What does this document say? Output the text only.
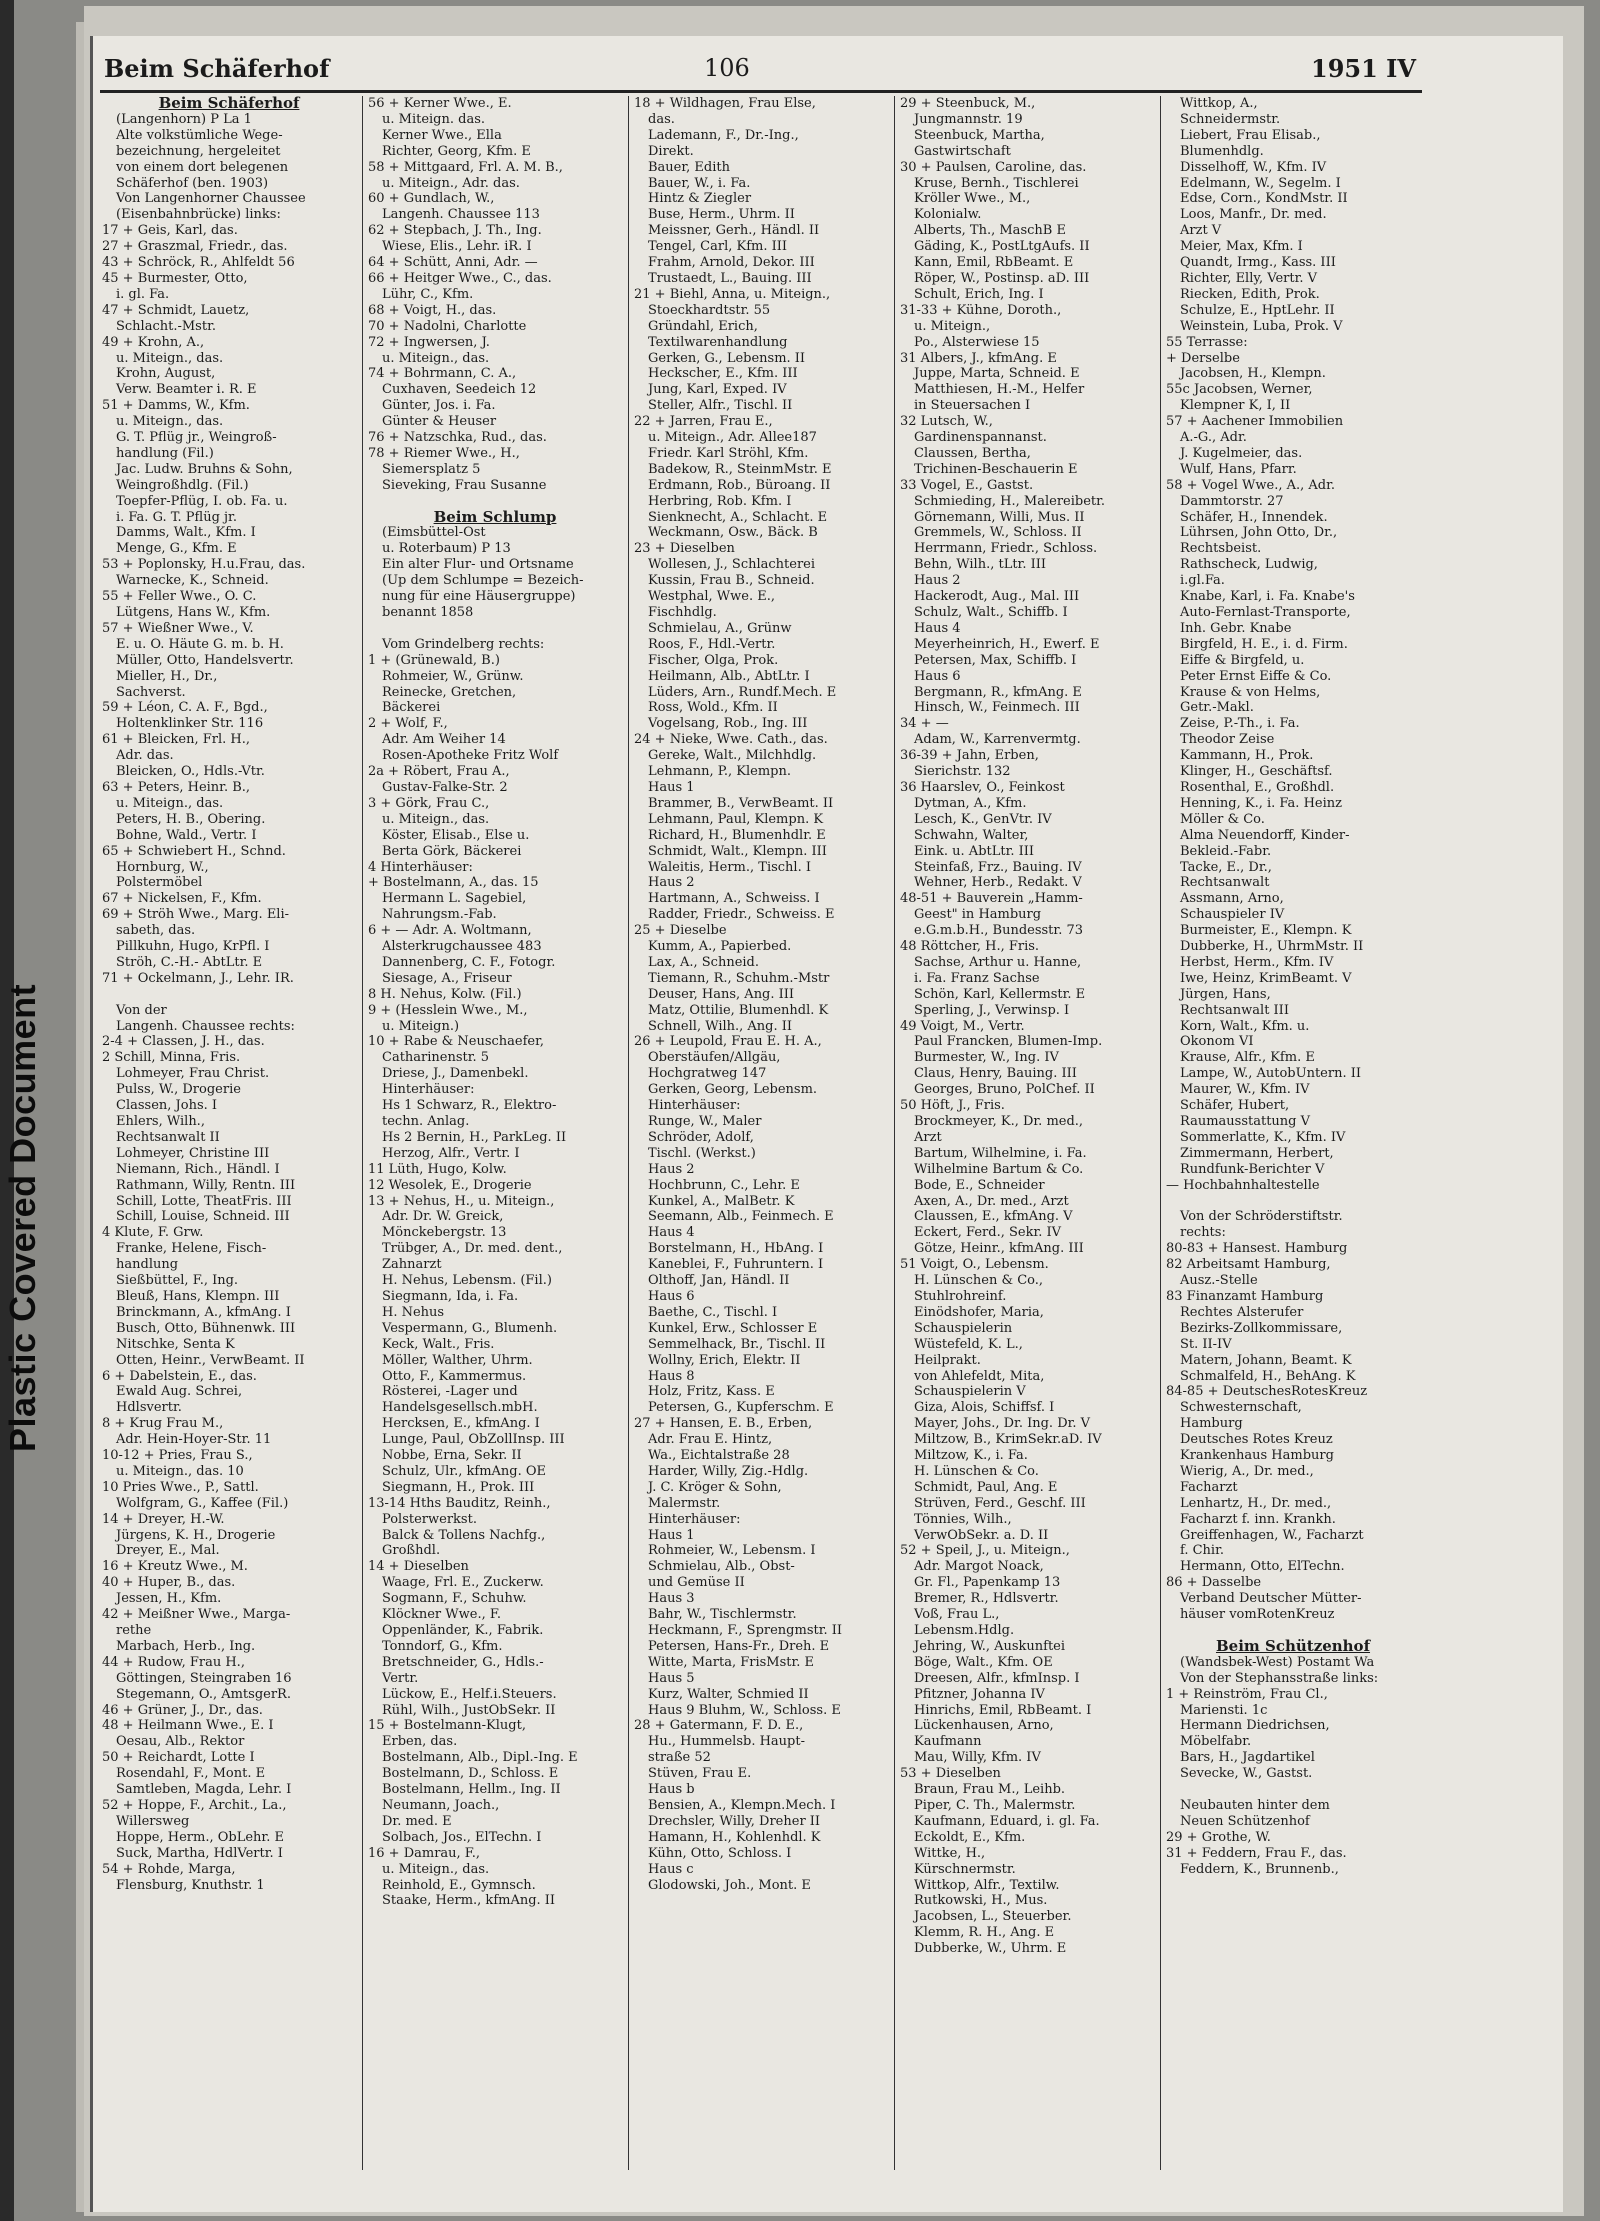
Plastic Covered Document
Beim Schäferhof	106	1951 IV
Beim Schäferhof
(Langenhorn) P La 1
Alte volkstümliche Wege-
bezeichnung, hergeleitet
von einem dort belegenen
Schäferhof (ben. 1903)
Von Langenhorner Chaussee
(Eisenbahnbrücke) links:
17 + Geis, Karl, das.
27 + Graszmal, Friedr., das.
43 + Schröck, R., Ahlfeldt 56
45 + Burmester, Otto,
i. gl. Fa.
47 + Schmidt, Lauetz,
Schlacht.-Mstr.
49 + Krohn, A.,
u. Miteign., das.
Krohn, August,
Verw. Beamter i. R. E
51 + Damms, W., Kfm.
u. Miteign., das.
G. T. Pflüg jr., Weingroß-
handlung (Fil.)
Jac. Ludw. Bruhns & Sohn,
Weingroßhdlg. (Fil.)
Toepfer-Pflüg, I. ob. Fa. u.
i. Fa. G. T. Pflüg jr.
Damms, Walt., Kfm. I
Menge, G., Kfm. E
53 + Poplonsky, H.u.Frau, das.
Warnecke, K., Schneid.
55 + Feller Wwe., O. C.
Lütgens, Hans W., Kfm.
57 + Wießner Wwe., V.
E. u. O. Häute G. m. b. H.
Müller, Otto, Handelsvertr.
Mieller, H., Dr.,
Sachverst.
59 + Léon, C. A. F., Bgd.,
Holtenklinker Str. 116
61 + Bleicken, Frl. H.,
Adr. das.
Bleicken, O., Hdls.-Vtr.
63 + Peters, Heinr. B.,
u. Miteign., das.
Peters, H. B., Obering.
Bohne, Wald., Vertr. I
65 + Schwiebert H., Schnd.
Hornburg, W.,
Polstermöbel
67 + Nickelsen, F., Kfm.
69 + Ströh Wwe., Marg. Eli-
sabeth, das.
Pillkuhn, Hugo, KrPfl. I
Ströh, C.-H.- AbtLtr. E
71 + Ockelmann, J., Lehr. IR.

Von der
Langenh. Chaussee rechts:
2-4 + Classen, J. H., das.
2 Schill, Minna, Fris.
Lohmeyer, Frau Christ.
Pulss, W., Drogerie
Classen, Johs. I
Ehlers, Wilh.,
Rechtsanwalt II
Lohmeyer, Christine III
Niemann, Rich., Händl. I
Rathmann, Willy, Rentn. III
Schill, Lotte, TheatFris. III
Schill, Louise, Schneid. III
4 Klute, F. Grw.
Franke, Helene, Fisch-
handlung
Sießbüttel, F., Ing.
Bleuß, Hans, Klempn. III
Brinckmann, A., kfmAng. I
Busch, Otto, Bühnenwk. III
Nitschke, Senta K
Otten, Heinr., VerwBeamt. II
6 + Dabelstein, E., das.
Ewald Aug. Schrei,
Hdlsvertr.
8 + Krug Frau M.,
Adr. Hein-Hoyer-Str. 11
10-12 + Pries, Frau S.,
u. Miteign., das. 10
10 Pries Wwe., P., Sattl.
Wolfgram, G., Kaffee (Fil.)
14 + Dreyer, H.-W.
Jürgens, K. H., Drogerie
Dreyer, E., Mal.
16 + Kreutz Wwe., M.
40 + Huper, B., das.
Jessen, H., Kfm.
42 + Meißner Wwe., Marga-
rethe
Marbach, Herb., Ing.
44 + Rudow, Frau H.,
Göttingen, Steingraben 16
Stegemann, O., AmtsgerR.
46 + Grüner, J., Dr., das.
48 + Heilmann Wwe., E. I
Oesau, Alb., Rektor
50 + Reichardt, Lotte I
Rosendahl, F., Mont. E
Samtleben, Magda, Lehr. I
52 + Hoppe, F., Archit., La.,
Willersweg
Hoppe, Herm., ObLehr. E
Suck, Martha, HdlVertr. I
54 + Rohde, Marga,
Flensburg, Knuthstr. 1
56 + Kerner Wwe., E.
u. Miteign. das.
Kerner Wwe., Ella
Richter, Georg, Kfm. E
58 + Mittgaard, Frl. A. M. B.,
u. Miteign., Adr. das.
60 + Gundlach, W.,
Langenh. Chaussee 113
62 + Stepbach, J. Th., Ing.
Wiese, Elis., Lehr. iR. I
64 + Schütt, Anni, Adr. —
66 + Heitger Wwe., C., das.
Lühr, C., Kfm.
68 + Voigt, H., das.
70 + Nadolni, Charlotte
72 + Ingwersen, J.
u. Miteign., das.
74 + Bohrmann, C. A.,
Cuxhaven, Seedeich 12
Günter, Jos. i. Fa.
Günter & Heuser
76 + Natzschka, Rud., das.
78 + Riemer Wwe., H.,
Siemersplatz 5
Sieveking, Frau Susanne

Beim Schlump
(Eimsbüttel-Ost
u. Roterbaum) P 13
Ein alter Flur- und Ortsname
(Up dem Schlumpe = Bezeich-
nung für eine Häusergruppe)
benannt 1858

Vom Grindelberg rechts:
1 + (Grünewald, B.)
Rohmeier, W., Grünw.
Reinecke, Gretchen,
Bäckerei
2 + Wolf, F.,
Adr. Am Weiher 14
Rosen-Apotheke Fritz Wolf
2a + Röbert, Frau A.,
Gustav-Falke-Str. 2
3 + Görk, Frau C.,
u. Miteign., das.
Köster, Elisab., Else u.
Berta Görk, Bäckerei
4 Hinterhäuser:
+ Bostelmann, A., das. 15
Hermann L. Sagebiel,
Nahrungsm.-Fab.
6 + — Adr. A. Woltmann,
Alsterkrugchaussee 483
Dannenberg, C. F., Fotogr.
Siesage, A., Friseur
8 H. Nehus, Kolw. (Fil.)
9 + (Hesslein Wwe., M.,
u. Miteign.)
10 + Rabe & Neuschaefer,
Catharinenstr. 5
Driese, J., Damenbekl.
Hinterhäuser:
Hs 1 Schwarz, R., Elektro-
techn. Anlag.
Hs 2 Bernin, H., ParkLeg. II
Herzog, Alfr., Vertr. I
11 Lüth, Hugo, Kolw.
12 Wesolek, E., Drogerie
13 + Nehus, H., u. Miteign.,
Adr. Dr. W. Greick,
Mönckebergstr. 13
Trübger, A., Dr. med. dent.,
Zahnarzt
H. Nehus, Lebensm. (Fil.)
Siegmann, Ida, i. Fa.
H. Nehus
Vespermann, G., Blumenh.
Keck, Walt., Fris.
Möller, Walther, Uhrm.
Otto, F., Kammermus.
Rösterei, -Lager und
Handelsgesellsch.mbH.
Hercksen, E., kfmAng. I
Lunge, Paul, ObZollInsp. III
Nobbe, Erna, Sekr. II
Schulz, Ulr., kfmAng. OE
Siegmann, H., Prok. III
13-14 Hths Bauditz, Reinh.,
Polsterwerkst.
Balck & Tollens Nachfg.,
Großhdl.
14 + Dieselben
Waage, Frl. E., Zuckerw.
Sogmann, F., Schuhw.
Klöckner Wwe., F.
Oppenländer, K., Fabrik.
Tonndorf, G., Kfm.
Bretschneider, G., Hdls.-
Vertr.
Lückow, E., Helf.i.Steuers.
Rühl, Wilh., JustObSekr. II
15 + Bostelmann-Klugt,
Erben, das.
Bostelmann, Alb., Dipl.-Ing. E
Bostelmann, D., Schloss. E
Bostelmann, Hellm., Ing. II
Neumann, Joach.,
Dr. med. E
Solbach, Jos., ElTechn. I
16 + Damrau, F.,
u. Miteign., das.
Reinhold, E., Gymnsch.
Staake, Herm., kfmAng. II
18 + Wildhagen, Frau Else,
das.
Lademann, F., Dr.-Ing.,
Direkt.
Bauer, Edith
Bauer, W., i. Fa.
Hintz & Ziegler
Buse, Herm., Uhrm. II
Meissner, Gerh., Händl. II
Tengel, Carl, Kfm. III
Frahm, Arnold, Dekor. III
Trustaedt, L., Bauing. III
21 + Biehl, Anna, u. Miteign.,
Stoeckhardtstr. 55
Gründahl, Erich,
Textilwarenhandlung
Gerken, G., Lebensm. II
Heckscher, E., Kfm. III
Jung, Karl, Exped. IV
Steller, Alfr., Tischl. II
22 + Jarren, Frau E.,
u. Miteign., Adr. Allee187
Friedr. Karl Ströhl, Kfm.
Badekow, R., SteinmMstr. E
Erdmann, Rob., Büroang. II
Herbring, Rob. Kfm. I
Sienknecht, A., Schlacht. E
Weckmann, Osw., Bäck. B
23 + Dieselben
Wollesen, J., Schlachterei
Kussin, Frau B., Schneid.
Westphal, Wwe. E.,
Fischhdlg.
Schmielau, A., Grünw
Roos, F., Hdl.-Vertr.
Fischer, Olga, Prok.
Heilmann, Alb., AbtLtr. I
Lüders, Arn., Rundf.Mech. E
Ross, Wold., Kfm. II
Vogelsang, Rob., Ing. III
24 + Nieke, Wwe. Cath., das.
Gereke, Walt., Milchhdlg.
Lehmann, P., Klempn.
Haus 1
Brammer, B., VerwBeamt. II
Lehmann, Paul, Klempn. K
Richard, H., Blumenhdlr. E
Schmidt, Walt., Klempn. III
Waleitis, Herm., Tischl. I
Haus 2
Hartmann, A., Schweiss. I
Radder, Friedr., Schweiss. E
25 + Dieselbe
Kumm, A., Papierbed.
Lax, A., Schneid.
Tiemann, R., Schuhm.-Mstr
Deuser, Hans, Ang. III
Matz, Ottilie, Blumenhdl. K
Schnell, Wilh., Ang. II
26 + Leupold, Frau E. H. A.,
Oberstäufen/Allgäu,
Hochgratweg 147
Gerken, Georg, Lebensm.
Hinterhäuser:
Runge, W., Maler
Schröder, Adolf,
Tischl. (Werkst.)
Haus 2
Hochbrunn, C., Lehr. E
Kunkel, A., MalBetr. K
Seemann, Alb., Feinmech. E
Haus 4
Borstelmann, H., HbAng. I
Kaneblei, F., Fuhruntern. I
Olthoff, Jan, Händl. II
Haus 6
Baethe, C., Tischl. I
Kunkel, Erw., Schlosser E
Semmelhack, Br., Tischl. II
Wollny, Erich, Elektr. II
Haus 8
Holz, Fritz, Kass. E
Petersen, G., Kupferschm. E
27 + Hansen, E. B., Erben,
Adr. Frau E. Hintz,
Wa., Eichtalstraße 28
Harder, Willy, Zig.-Hdlg.
J. C. Kröger & Sohn,
Malermstr.
Hinterhäuser:
Haus 1
Rohmeier, W., Lebensm. I
Schmielau, Alb., Obst-
und Gemüse II
Haus 3
Bahr, W., Tischlermstr.
Heckmann, F., Sprengmstr. II
Petersen, Hans-Fr., Dreh. E
Witte, Marta, FrisMstr. E
Haus 5
Kurz, Walter, Schmied II
Haus 9 Bluhm, W., Schloss. E
28 + Gatermann, F. D. E.,
Hu., Hummelsb. Haupt-
straße 52
Stüven, Frau E.
Haus b
Bensien, A., Klempn.Mech. I
Drechsler, Willy, Dreher II
Hamann, H., Kohlenhdl. K
Kühn, Otto, Schloss. I
Haus c
Glodowski, Joh., Mont. E
29 + Steenbuck, M.,
Jungmannstr. 19
Steenbuck, Martha,
Gastwirtschaft
30 + Paulsen, Caroline, das.
Kruse, Bernh., Tischlerei
Kröller Wwe., M.,
Kolonialw.
Alberts, Th., MaschB E
Gäding, K., PostLtgAufs. II
Kann, Emil, RbBeamt. E
Röper, W., Postinsp. aD. III
Schult, Erich, Ing. I
31-33 + Kühne, Doroth.,
u. Miteign.,
Po., Alsterwiese 15
31 Albers, J., kfmAng. E
Juppe, Marta, Schneid. E
Matthiesen, H.-M., Helfer
in Steuersachen I
32 Lutsch, W.,
Gardinenspannanst.
Claussen, Bertha,
Trichinen-Beschauerin E
33 Vogel, E., Gastst.
Schmieding, H., Malereibetr.
Görnemann, Willi, Mus. II
Gremmels, W., Schloss. II
Herrmann, Friedr., Schloss.
Behn, Wilh., tLtr. III
Haus 2
Hackerodt, Aug., Mal. III
Schulz, Walt., Schiffb. I
Haus 4
Meyerheinrich, H., Ewerf. E
Petersen, Max, Schiffb. I
Haus 6
Bergmann, R., kfmAng. E
Hinsch, W., Feinmech. III
34 + —
Adam, W., Karrenvermtg.
36-39 + Jahn, Erben,
Sierichstr. 132
36 Haarslev, O., Feinkost
Dytman, A., Kfm.
Lesch, K., GenVtr. IV
Schwahn, Walter,
Eink. u. AbtLtr. III
Steinfaß, Frz., Bauing. IV
Wehner, Herb., Redakt. V
48-51 + Bauverein „Hamm-
Geest" in Hamburg
e.G.m.b.H., Bundesstr. 73
48 Röttcher, H., Fris.
Sachse, Arthur u. Hanne,
i. Fa. Franz Sachse
Schön, Karl, Kellermstr. E
Sperling, J., Verwinsp. I
49 Voigt, M., Vertr.
Paul Francken, Blumen-Imp.
Burmester, W., Ing. IV
Claus, Henry, Bauing. III
Georges, Bruno, PolChef. II
50 Höft, J., Fris.
Brockmeyer, K., Dr. med.,
Arzt
Bartum, Wilhelmine, i. Fa.
Wilhelmine Bartum & Co.
Bode, E., Schneider
Axen, A., Dr. med., Arzt
Claussen, E., kfmAng. V
Eckert, Ferd., Sekr. IV
Götze, Heinr., kfmAng. III
51 Voigt, O., Lebensm.
H. Lünschen & Co.,
Stuhlrohreinf.
Einödshofer, Maria,
Schauspielerin
Wüstefeld, K. L.,
Heilprakt.
von Ahlefeldt, Mita,
Schauspielerin V
Giza, Alois, Schiffsf. I
Mayer, Johs., Dr. Ing. Dr. V
Miltzow, B., KrimSekr.aD. IV
Miltzow, K., i. Fa.
H. Lünschen & Co.
Schmidt, Paul, Ang. E
Strüven, Ferd., Geschf. III
Tönnies, Wilh.,
VerwObSekr. a. D. II
52 + Speil, J., u. Miteign.,
Adr. Margot Noack,
Gr. Fl., Papenkamp 13
Bremer, R., Hdlsvertr.
Voß, Frau L.,
Lebensm.Hdlg.
Jehring, W., Auskunftei
Böge, Walt., Kfm. OE
Dreesen, Alfr., kfmInsp. I
Pfitzner, Johanna IV
Hinrichs, Emil, RbBeamt. I
Lückenhausen, Arno,
Kaufmann
Mau, Willy, Kfm. IV
53 + Dieselben
Braun, Frau M., Leihb.
Piper, C. Th., Malermstr.
Kaufmann, Eduard, i. gl. Fa.
Eckoldt, E., Kfm.
Wittke, H.,
Kürschnermstr.
Wittkop, Alfr., Textilw.
Rutkowski, H., Mus.
Jacobsen, L., Steuerber.
Klemm, R. H., Ang. E
Dubberke, W., Uhrm. E
Wittkop, A.,
Schneidermstr.
Liebert, Frau Elisab.,
Blumenhdlg.
Disselhoff, W., Kfm. IV
Edelmann, W., Segelm. I
Edse, Corn., KondMstr. II
Loos, Manfr., Dr. med.
Arzt V
Meier, Max, Kfm. I
Quandt, Irmg., Kass. III
Richter, Elly, Vertr. V
Riecken, Edith, Prok.
Schulze, E., HptLehr. II
Weinstein, Luba, Prok. V
55 Terrasse:
+ Derselbe
Jacobsen, H., Klempn.
55c Jacobsen, Werner,
Klempner K, I, II
57 + Aachener Immobilien
A.-G., Adr.
J. Kugelmeier, das.
Wulf, Hans, Pfarr.
58 + Vogel Wwe., A., Adr.
Dammtorstr. 27
Schäfer, H., Innendek.
Lührsen, John Otto, Dr.,
Rechtsbeist.
Rathscheck, Ludwig,
i.gl.Fa.
Knabe, Karl, i. Fa. Knabe's
Auto-Fernlast-Transporte,
Inh. Gebr. Knabe
Birgfeld, H. E., i. d. Firm.
Eiffe & Birgfeld, u.
Peter Ernst Eiffe & Co.
Krause & von Helms,
Getr.-Makl.
Zeise, P.-Th., i. Fa.
Theodor Zeise
Kammann, H., Prok.
Klinger, H., Geschäftsf.
Rosenthal, E., Großhdl.
Henning, K., i. Fa. Heinz
Möller & Co.
Alma Neuendorff, Kinder-
Bekleid.-Fabr.
Tacke, E., Dr.,
Rechtsanwalt
Assmann, Arno,
Schauspieler IV
Burmeister, E., Klempn. K
Dubberke, H., UhrmMstr. II
Herbst, Herm., Kfm. IV
Iwe, Heinz, KrimBeamt. V
Jürgen, Hans,
Rechtsanwalt III
Korn, Walt., Kfm. u.
Ökonom VI
Krause, Alfr., Kfm. E
Lampe, W., AutobUntern. II
Maurer, W., Kfm. IV
Schäfer, Hubert,
Raumausstattung V
Sommerlatte, K., Kfm. IV
Zimmermann, Herbert,
Rundfunk-Berichter V
— Hochbahnhaltestelle

Von der Schröderstiftstr.
rechts:
80-83 + Hansest. Hamburg
82 Arbeitsamt Hamburg,
Ausz.-Stelle
83 Finanzamt Hamburg
Rechtes Alsterufer
Bezirks-Zollkommissare,
St. II-IV
Matern, Johann, Beamt. K
Schmalfeld, H., BehAng. K
84-85 + DeutschesRotesKreuz
Schwesternschaft,
Hamburg
Deutsches Rotes Kreuz
Krankenhaus Hamburg
Wierig, A., Dr. med.,
Facharzt
Lenhartz, H., Dr. med.,
Facharzt f. inn. Krankh.
Greiffenhagen, W., Facharzt
f. Chir.
Hermann, Otto, ElTechn.
86 + Dasselbe
Verband Deutscher Mütter-
häuser vomRotenKreuz

Beim Schützenhof
(Wandsbek-West) Postamt Wa
Von der Stephansstraße links:
1 + Reinström, Frau Cl.,
Mariensti. 1c
Hermann Diedrichsen,
Möbelfabr.
Bars, H., Jagdartikel
Sevecke, W., Gastst.

Neubauten hinter dem
Neuen Schützenhof
29 + Grothe, W.
31 + Feddern, Frau F., das.
Feddern, K., Brunnenb.,
